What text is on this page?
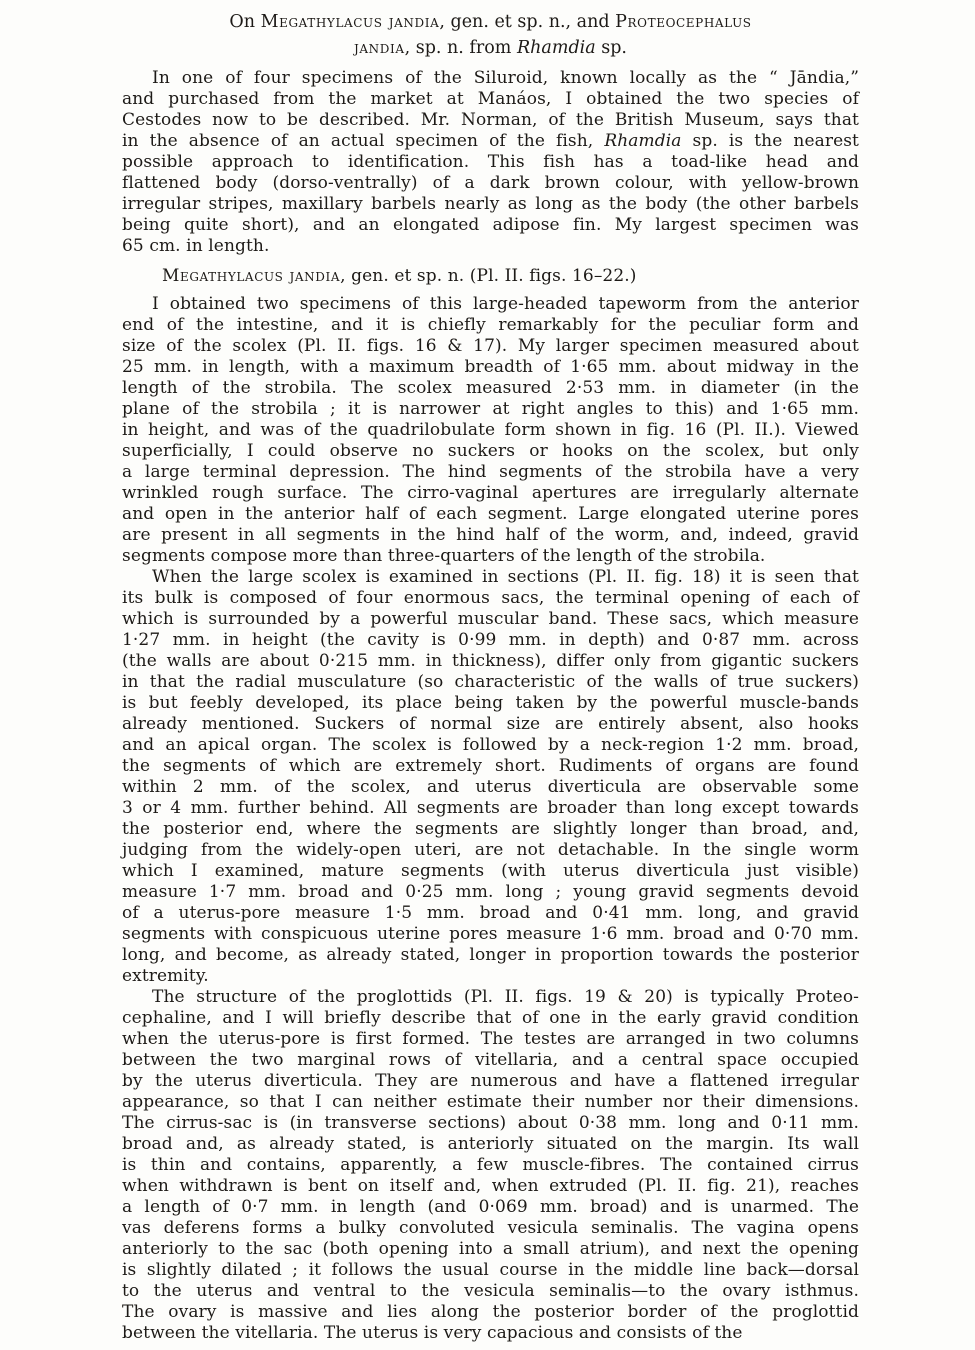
On Megathylacus jandia, gen. et sp. n., and Proteocephalus
jandia, sp. n. from Rhamdia sp.
In one of four specimens of the Siluroid, known locally as the “ Jāndia,”
and purchased from the market at Manáos, I obtained the two species of
Cestodes now to be described. Mr. Norman, of the British Museum, says that
in the absence of an actual specimen of the fish, Rhamdia sp. is the nearest
possible approach to identification. This fish has a toad-like head and
flattened body (dorso-ventrally) of a dark brown colour, with yellow-brown
irregular stripes, maxillary barbels nearly as long as the body (the other barbels
being quite short), and an elongated adipose fin. My largest specimen was
65 cm. in length.
Megathylacus jandia, gen. et sp. n. (Pl. II. figs. 16–22.)
I obtained two specimens of this large-headed tapeworm from the anterior
end of the intestine, and it is chiefly remarkably for the peculiar form and
size of the scolex (Pl. II. figs. 16 & 17). My larger specimen measured about
25 mm. in length, with a maximum breadth of 1·65 mm. about midway in the
length of the strobila. The scolex measured 2·53 mm. in diameter (in the
plane of the strobila ; it is narrower at right angles to this) and 1·65 mm.
in height, and was of the quadrilobulate form shown in fig. 16 (Pl. II.). Viewed
superficially, I could observe no suckers or hooks on the scolex, but only
a large terminal depression. The hind segments of the strobila have a very
wrinkled rough surface. The cirro-vaginal apertures are irregularly alternate
and open in the anterior half of each segment. Large elongated uterine pores
are present in all segments in the hind half of the worm, and, indeed, gravid
segments compose more than three-quarters of the length of the strobila.
When the large scolex is examined in sections (Pl. II. fig. 18) it is seen that
its bulk is composed of four enormous sacs, the terminal opening of each of
which is surrounded by a powerful muscular band. These sacs, which measure
1·27 mm. in height (the cavity is 0·99 mm. in depth) and 0·87 mm. across
(the walls are about 0·215 mm. in thickness), differ only from gigantic suckers
in that the radial musculature (so characteristic of the walls of true suckers)
is but feebly developed, its place being taken by the powerful muscle-bands
already mentioned. Suckers of normal size are entirely absent, also hooks
and an apical organ. The scolex is followed by a neck-region 1·2 mm. broad,
the segments of which are extremely short. Rudiments of organs are found
within 2 mm. of the scolex, and uterus diverticula are observable some
3 or 4 mm. further behind. All segments are broader than long except towards
the posterior end, where the segments are slightly longer than broad, and,
judging from the widely-open uteri, are not detachable. In the single worm
which I examined, mature segments (with uterus diverticula just visible)
measure 1·7 mm. broad and 0·25 mm. long ; young gravid segments devoid
of a uterus-pore measure 1·5 mm. broad and 0·41 mm. long, and gravid
segments with conspicuous uterine pores measure 1·6 mm. broad and 0·70 mm.
long, and become, as already stated, longer in proportion towards the posterior
extremity.
The structure of the proglottids (Pl. II. figs. 19 & 20) is typically Proteo-
cephaline, and I will briefly describe that of one in the early gravid condition
when the uterus-pore is first formed. The testes are arranged in two columns
between the two marginal rows of vitellaria, and a central space occupied
by the uterus diverticula. They are numerous and have a flattened irregular
appearance, so that I can neither estimate their number nor their dimensions.
The cirrus-sac is (in transverse sections) about 0·38 mm. long and 0·11 mm.
broad and, as already stated, is anteriorly situated on the margin. Its wall
is thin and contains, apparently, a few muscle-fibres. The contained cirrus
when withdrawn is bent on itself and, when extruded (Pl. II. fig. 21), reaches
a length of 0·7 mm. in length (and 0·069 mm. broad) and is unarmed. The
vas deferens forms a bulky convoluted vesicula seminalis. The vagina opens
anteriorly to the sac (both opening into a small atrium), and next the opening
is slightly dilated ; it follows the usual course in the middle line back—dorsal
to the uterus and ventral to the vesicula seminalis—to the ovary isthmus.
The ovary is massive and lies along the posterior border of the proglottid
between the vitellaria. The uterus is very capacious and consists of the
